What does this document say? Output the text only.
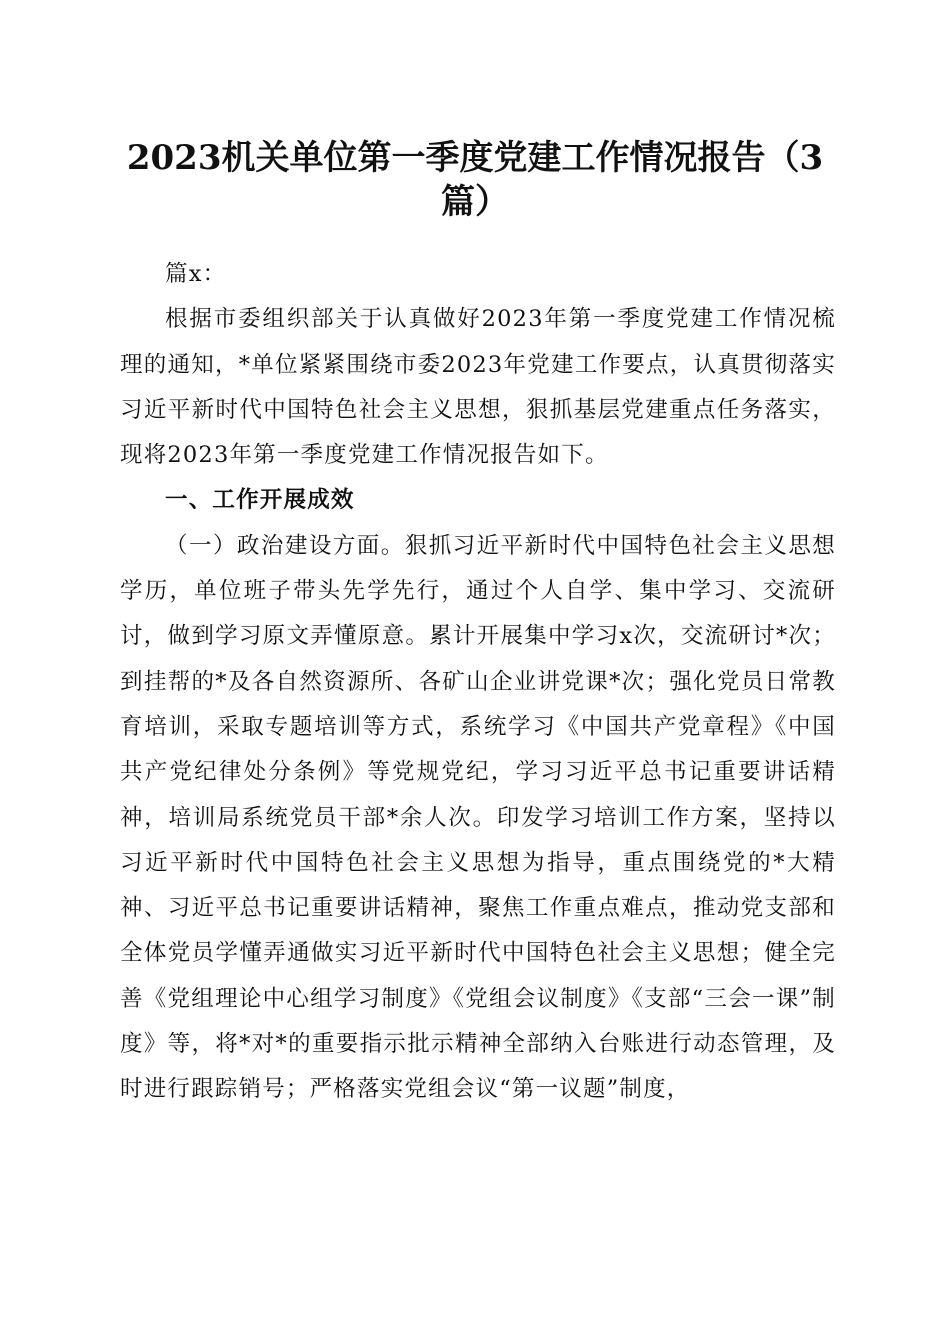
2023机关单位第一季度党建工作情况报告（3
篇）

篇x：

根据市委组织部关于认真做好2023年第一季度党建工作情况梳理的通知，*单位紧紧围绕市委2023年党建工作要点，认真贯彻落实习近平新时代中国特色社会主义思想，狠抓基层党建重点任务落实，现将2023年第一季度党建工作情况报告如下。

一、工作开展成效

（一）政治建设方面。狠抓习近平新时代中国特色社会主义思想学历，单位班子带头先学先行，通过个人自学、集中学习、交流研讨，做到学习原文弄懂原意。累计开展集中学习x次，交流研讨*次；到挂帮的*及各自然资源所、各矿山企业讲党课*次；强化党员日常教育培训，采取专题培训等方式，系统学习《中国共产党章程》《中国共产党纪律处分条例》等党规党纪，学习习近平总书记重要讲话精神，培训局系统党员干部*余人次。印发学习培训工作方案，坚持以习近平新时代中国特色社会主义思想为指导，重点围绕党的*大精神、习近平总书记重要讲话精神，聚焦工作重点难点，推动党支部和全体党员学懂弄通做实习近平新时代中国特色社会主义思想；健全完善《党组理论中心组学习制度》《党组会议制度》《支部“三会一课”制度》等，将*对*的重要指示批示精神全部纳入台账进行动态管理，及时进行跟踪销号；严格落实党组会议“第一议题”制度，
